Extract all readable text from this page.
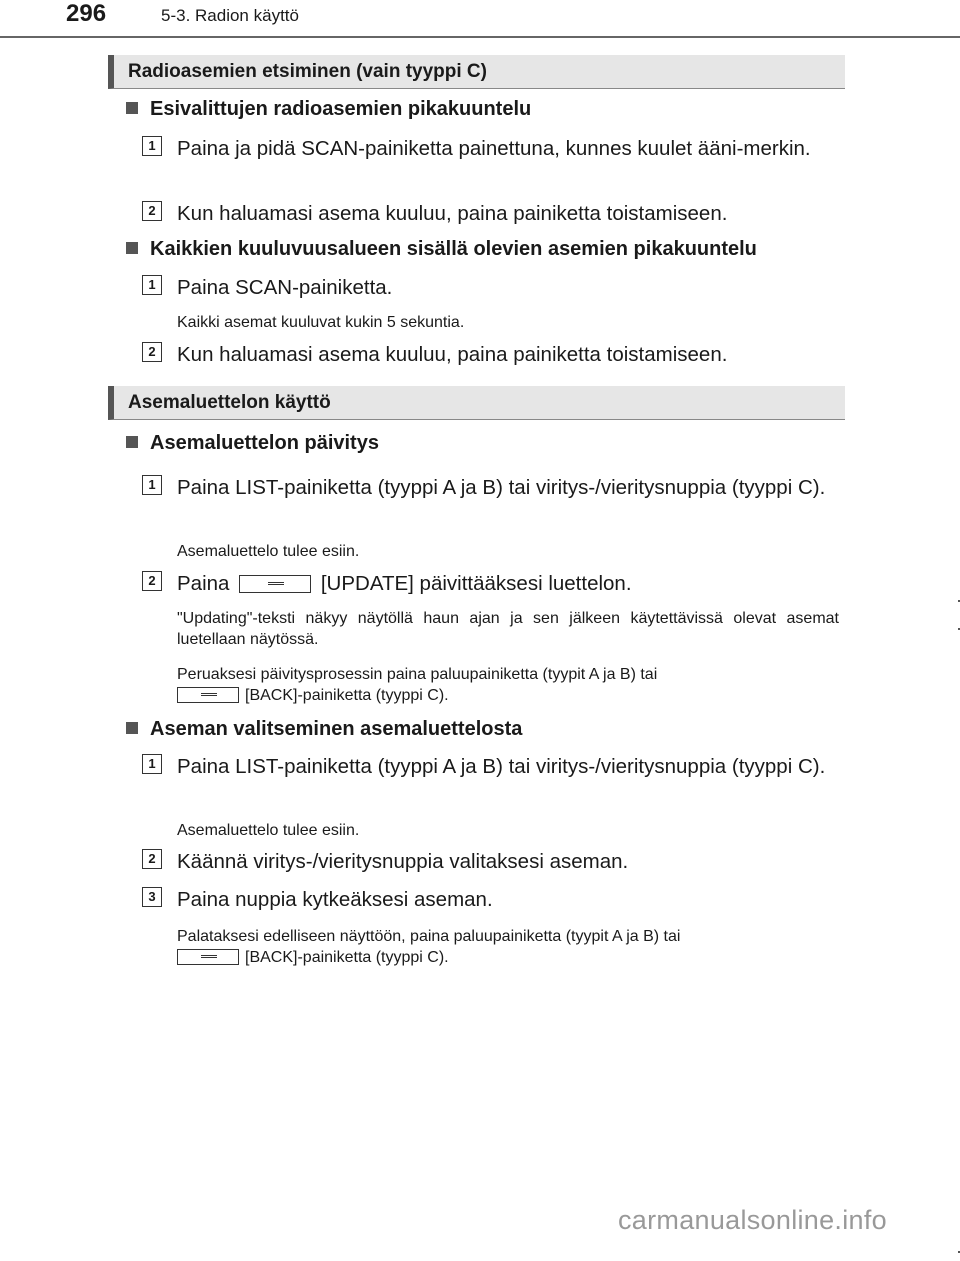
296	5-3. Radion käyttö
Radioasemien etsiminen (vain tyyppi C)
Esivalittujen radioasemien pikakuuntelu
1	Paina ja pidä SCAN-painiketta painettuna, kunnes kuulet ääni-merkin.
2	Kun haluamasi asema kuuluu, paina painiketta toistamiseen.
Kaikkien kuuluvuusalueen sisällä olevien asemien pikakuuntelu
1	Paina SCAN-painiketta.
Kaikki asemat kuuluvat kukin 5 sekuntia.
2	Kun haluamasi asema kuuluu, paina painiketta toistamiseen.
Asemaluettelon käyttö
Asemaluettelon päivitys
1	Paina LIST-painiketta (tyyppi A ja B) tai viritys-/vieritysnuppia (tyyppi C).
Asemaluettelo tulee esiin.
2	Paina	[UPDATE] päivittääksesi luettelon.
"Updating"-teksti näkyy näytöllä haun ajan ja sen jälkeen käytettävissä olevat asemat luetellaan näytössä.
Peruaksesi päivitysprosessin paina paluupainiketta (tyypit A ja B) tai
[BACK]-painiketta (tyyppi C).
Aseman valitseminen asemaluettelosta
1	Paina LIST-painiketta (tyyppi A ja B) tai viritys-/vieritysnuppia (tyyppi C).
Asemaluettelo tulee esiin.
2	Käännä viritys-/vieritysnuppia valitaksesi aseman.
3	Paina nuppia kytkeäksesi aseman.
Palataksesi edelliseen näyttöön, paina paluupainiketta (tyypit A ja B) tai
[BACK]-painiketta (tyyppi C).
carmanualsonline.info
